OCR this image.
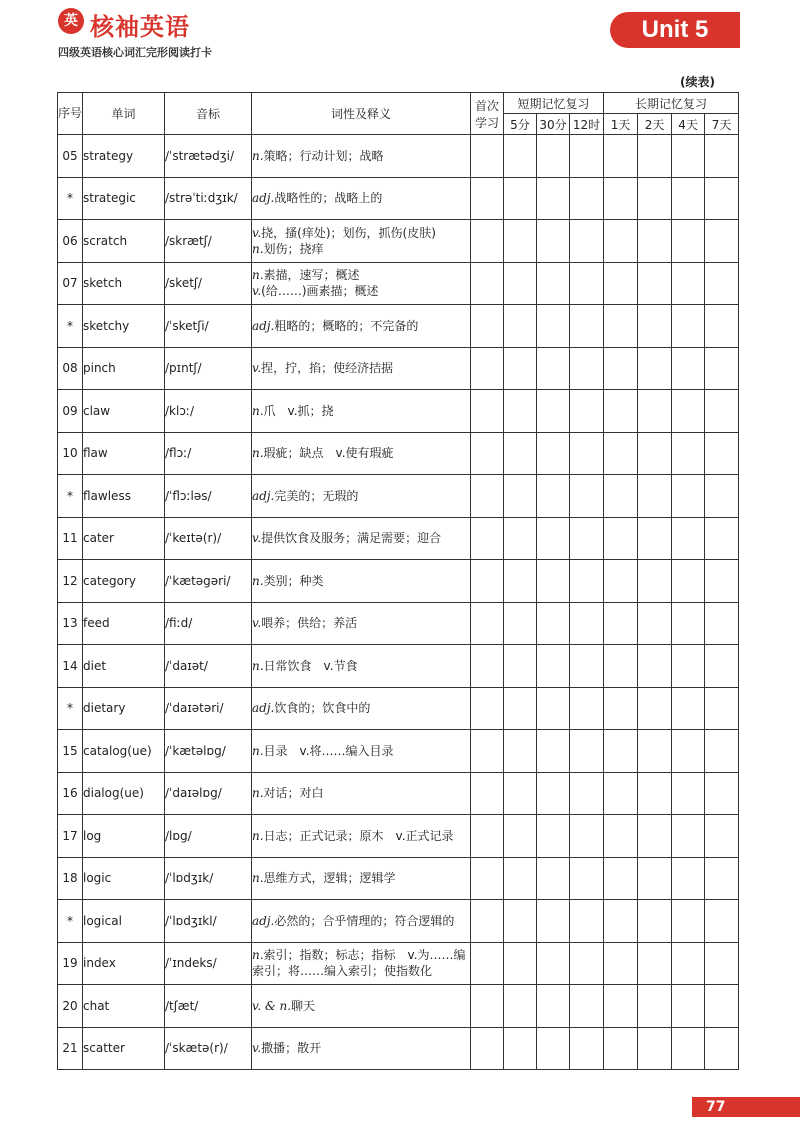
英 核袖英语
四级英语核心词汇完形阅读打卡
Unit 5
(续表)
序号	单词	音标	词性及释义	首次学习	短期记忆复习			长期记忆复习			
					5分	30分	12时	1天	2天	4天	7天
05	strategy	/ˈstrætədʒi/	n.策略；行动计划；战略								

*	strategic	/strəˈtiːdʒɪk/	adj.战略性的；战略上的								

06	scratch	/skrætʃ/	v.挠，搔(痒处)；划伤，抓伤(皮肤)
n.划伤；挠痒								

07	sketch	/sketʃ/	n.素描，速写；概述
v.(给……)画素描；概述								

*	sketchy	/ˈsketʃi/	adj.粗略的；概略的；不完备的								

08	pinch	/pɪntʃ/	v.捏，拧，掐；使经济拮据								

09	claw	/klɔː/	n.爪　v.抓；挠								

10	flaw	/flɔː/	n.瑕疵；缺点　v.使有瑕疵								

*	flawless	/ˈflɔːləs/	adj.完美的；无瑕的								

11	cater	/ˈkeɪtə(r)/	v.提供饮食及服务；满足需要；迎合								

12	category	/ˈkætəgəri/	n.类别；种类								

13	feed	/fiːd/	v.喂养；供给；养活								

14	diet	/ˈdaɪət/	n.日常饮食　v.节食								

*	dietary	/ˈdaɪətəri/	adj.饮食的；饮食中的								

15	catalog(ue)	/ˈkætəlɒg/	n.目录　v.将……编入目录								

16	dialog(ue)	/ˈdaɪəlɒg/	n.对话；对白								

17	log	/lɒg/	n.日志；正式记录；原木　v.正式记录								

18	logic	/ˈlɒdʒɪk/	n.思维方式，逻辑；逻辑学								

*	logical	/ˈlɒdʒɪkl/	adj.必然的；合乎情理的；符合逻辑的								

19	index	/ˈɪndeks/	n.索引；指数；标志；指标　v.为……编索引；将……编入索引；使指数化								

20	chat	/tʃæt/	v. & n.聊天								

21	scatter	/ˈskætə(r)/	v.撒播；散开								

77
